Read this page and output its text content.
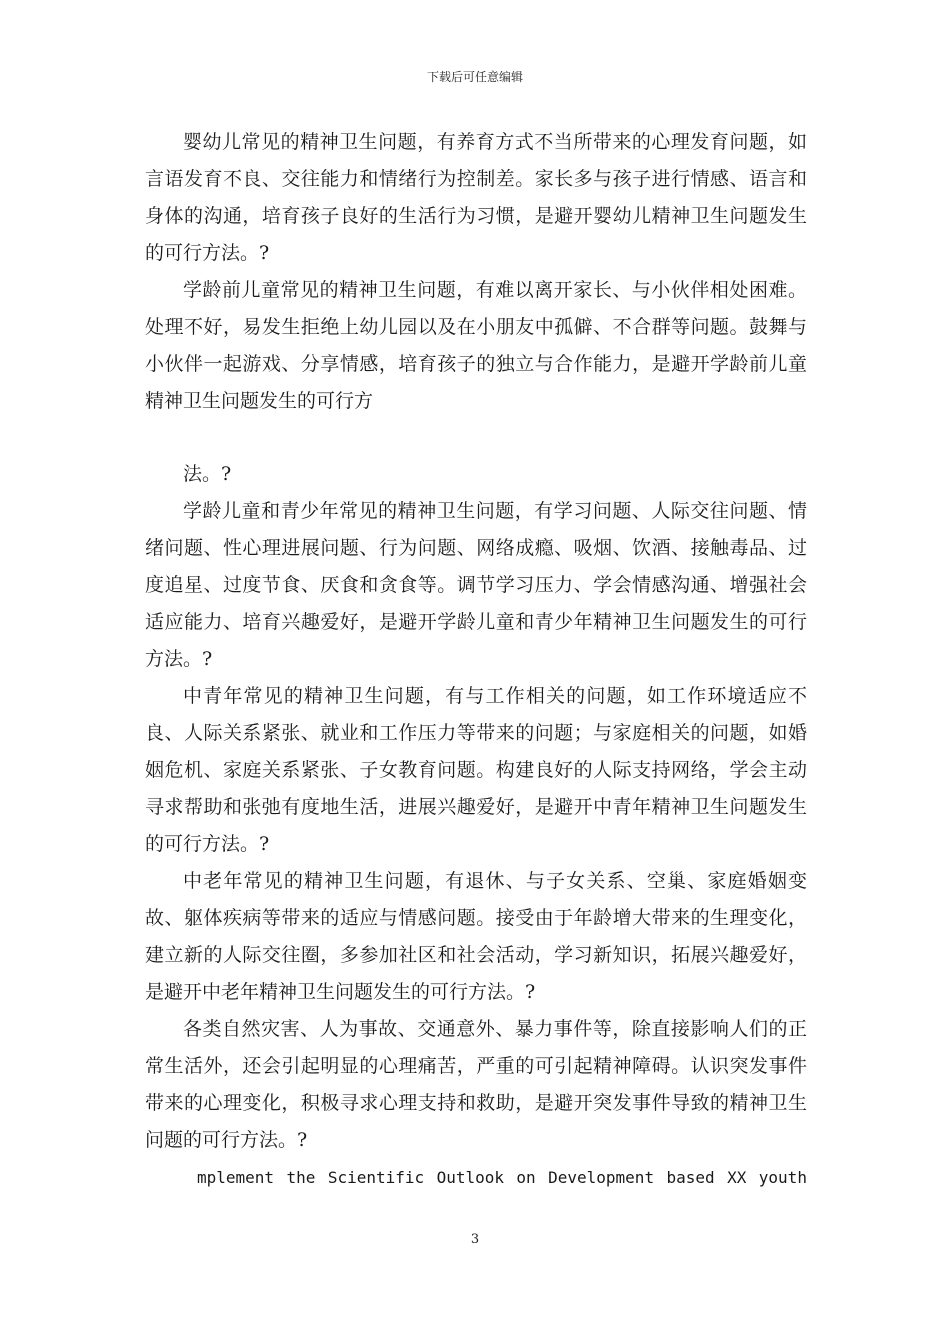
下载后可任意编辑

婴幼儿常见的精神卫生问题，有养育方式不当所带来的心理发育问题，如言语发育不良、交往能力和情绪行为控制差。家长多与孩子进行情感、语言和身体的沟通，培育孩子良好的生活行为习惯，是避开婴幼儿精神卫生问题发生的可行方法。?

学龄前儿童常见的精神卫生问题，有难以离开家长、与小伙伴相处困难。处理不好，易发生拒绝上幼儿园以及在小朋友中孤僻、不合群等问题。鼓舞与小伙伴一起游戏、分享情感，培育孩子的独立与合作能力，是避开学龄前儿童精神卫生问题发生的可行方

法。?

学龄儿童和青少年常见的精神卫生问题，有学习问题、人际交往问题、情绪问题、性心理进展问题、行为问题、网络成瘾、吸烟、饮酒、接触毒品、过度追星、过度节食、厌食和贪食等。调节学习压力、学会情感沟通、增强社会适应能力、培育兴趣爱好，是避开学龄儿童和青少年精神卫生问题发生的可行方法。?

中青年常见的精神卫生问题，有与工作相关的问题，如工作环境适应不良、人际关系紧张、就业和工作压力等带来的问题；与家庭相关的问题，如婚姻危机、家庭关系紧张、子女教育问题。构建良好的人际支持网络，学会主动寻求帮助和张弛有度地生活，进展兴趣爱好，是避开中青年精神卫生问题发生的可行方法。?

中老年常见的精神卫生问题，有退休、与子女关系、空巢、家庭婚姻变故、躯体疾病等带来的适应与情感问题。接受由于年龄增大带来的生理变化，建立新的人际交往圈，多参加社区和社会活动，学习新知识，拓展兴趣爱好，是避开中老年精神卫生问题发生的可行方法。?

各类自然灾害、人为事故、交通意外、暴力事件等，除直接影响人们的正常生活外，还会引起明显的心理痛苦，严重的可引起精神障碍。认识突发事件带来的心理变化，积极寻求心理支持和救助，是避开突发事件导致的精神卫生问题的可行方法。?

mplement the Scientific Outlook on Development based XX youth

3
